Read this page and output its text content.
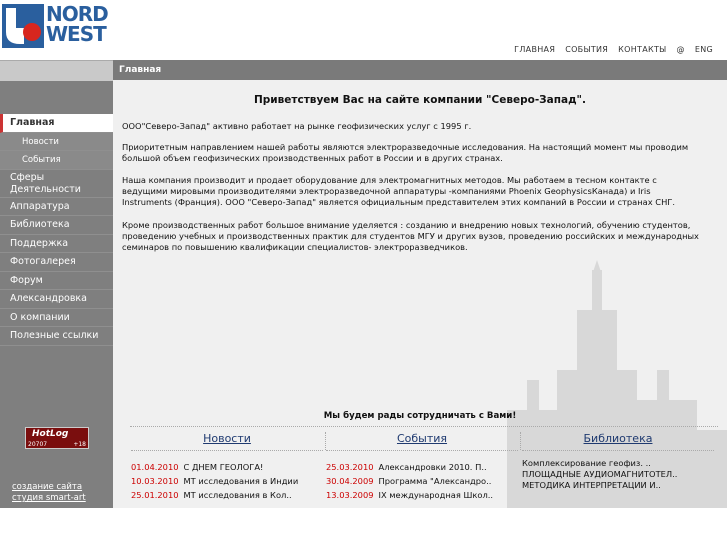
NORD
WEST
ГЛАВНАЯ СОБЫТИЯ КОНТАКТЫ @ ENG
Главная
Главная
Новости
События
Сферы Деятельности
Аппаратура
Библиотека
Поддержка
Фотогалерея
Форум
Александровка
О компании
Полезные ссылки
HotLog
20707	+18
создание сайта
студия smart-art
Приветствуем Вас на сайте компании "Северо-Запад".
ООО"Северо-Запад" активно работает на рынке геофизических услуг с 1995 г.
Приоритетным направлением нашей работы являются электроразведочные исследования. На настоящий момент мы проводим большой объем геофизических производственных работ в России и в других странах.
Наша компания производит и продает оборудование для электромагнитных методов. Мы работаем в тесном контакте с ведущими мировыми производителями электроразведочной аппаратуры -компаниями Phoenix GeophysicsКанада) и Iris Instruments (Франция). ООО "Северо-Запад" является официальным представителем этих компаний в России и странах СНГ.
Кроме производственных работ большое внимание уделяется : созданию и внедрению новых технологий, обучению студентов, проведению учебных и производственных практик для студентов МГУ и других вузов, проведению российских и международных семинаров по повышению квалификации специалистов- электроразведчиков.
Мы будем рады сотрудничать с Вами!
Новости
01.04.2010 С ДНЕМ ГЕОЛОГА!
10.03.2010 МТ исследования в Индии
25.01.2010 МТ исследования в Кол..
События
25.03.2010 Александровки 2010. П..
30.04.2009 Программа "Александро..
13.03.2009 IX международная Школ..
Библиотека
Комплексирование геофиз. ..
ПЛОЩАДНЫЕ АУДИОМАГНИТОТЕЛ..
МЕТОДИКА ИНТЕРПРЕТАЦИИ И..
